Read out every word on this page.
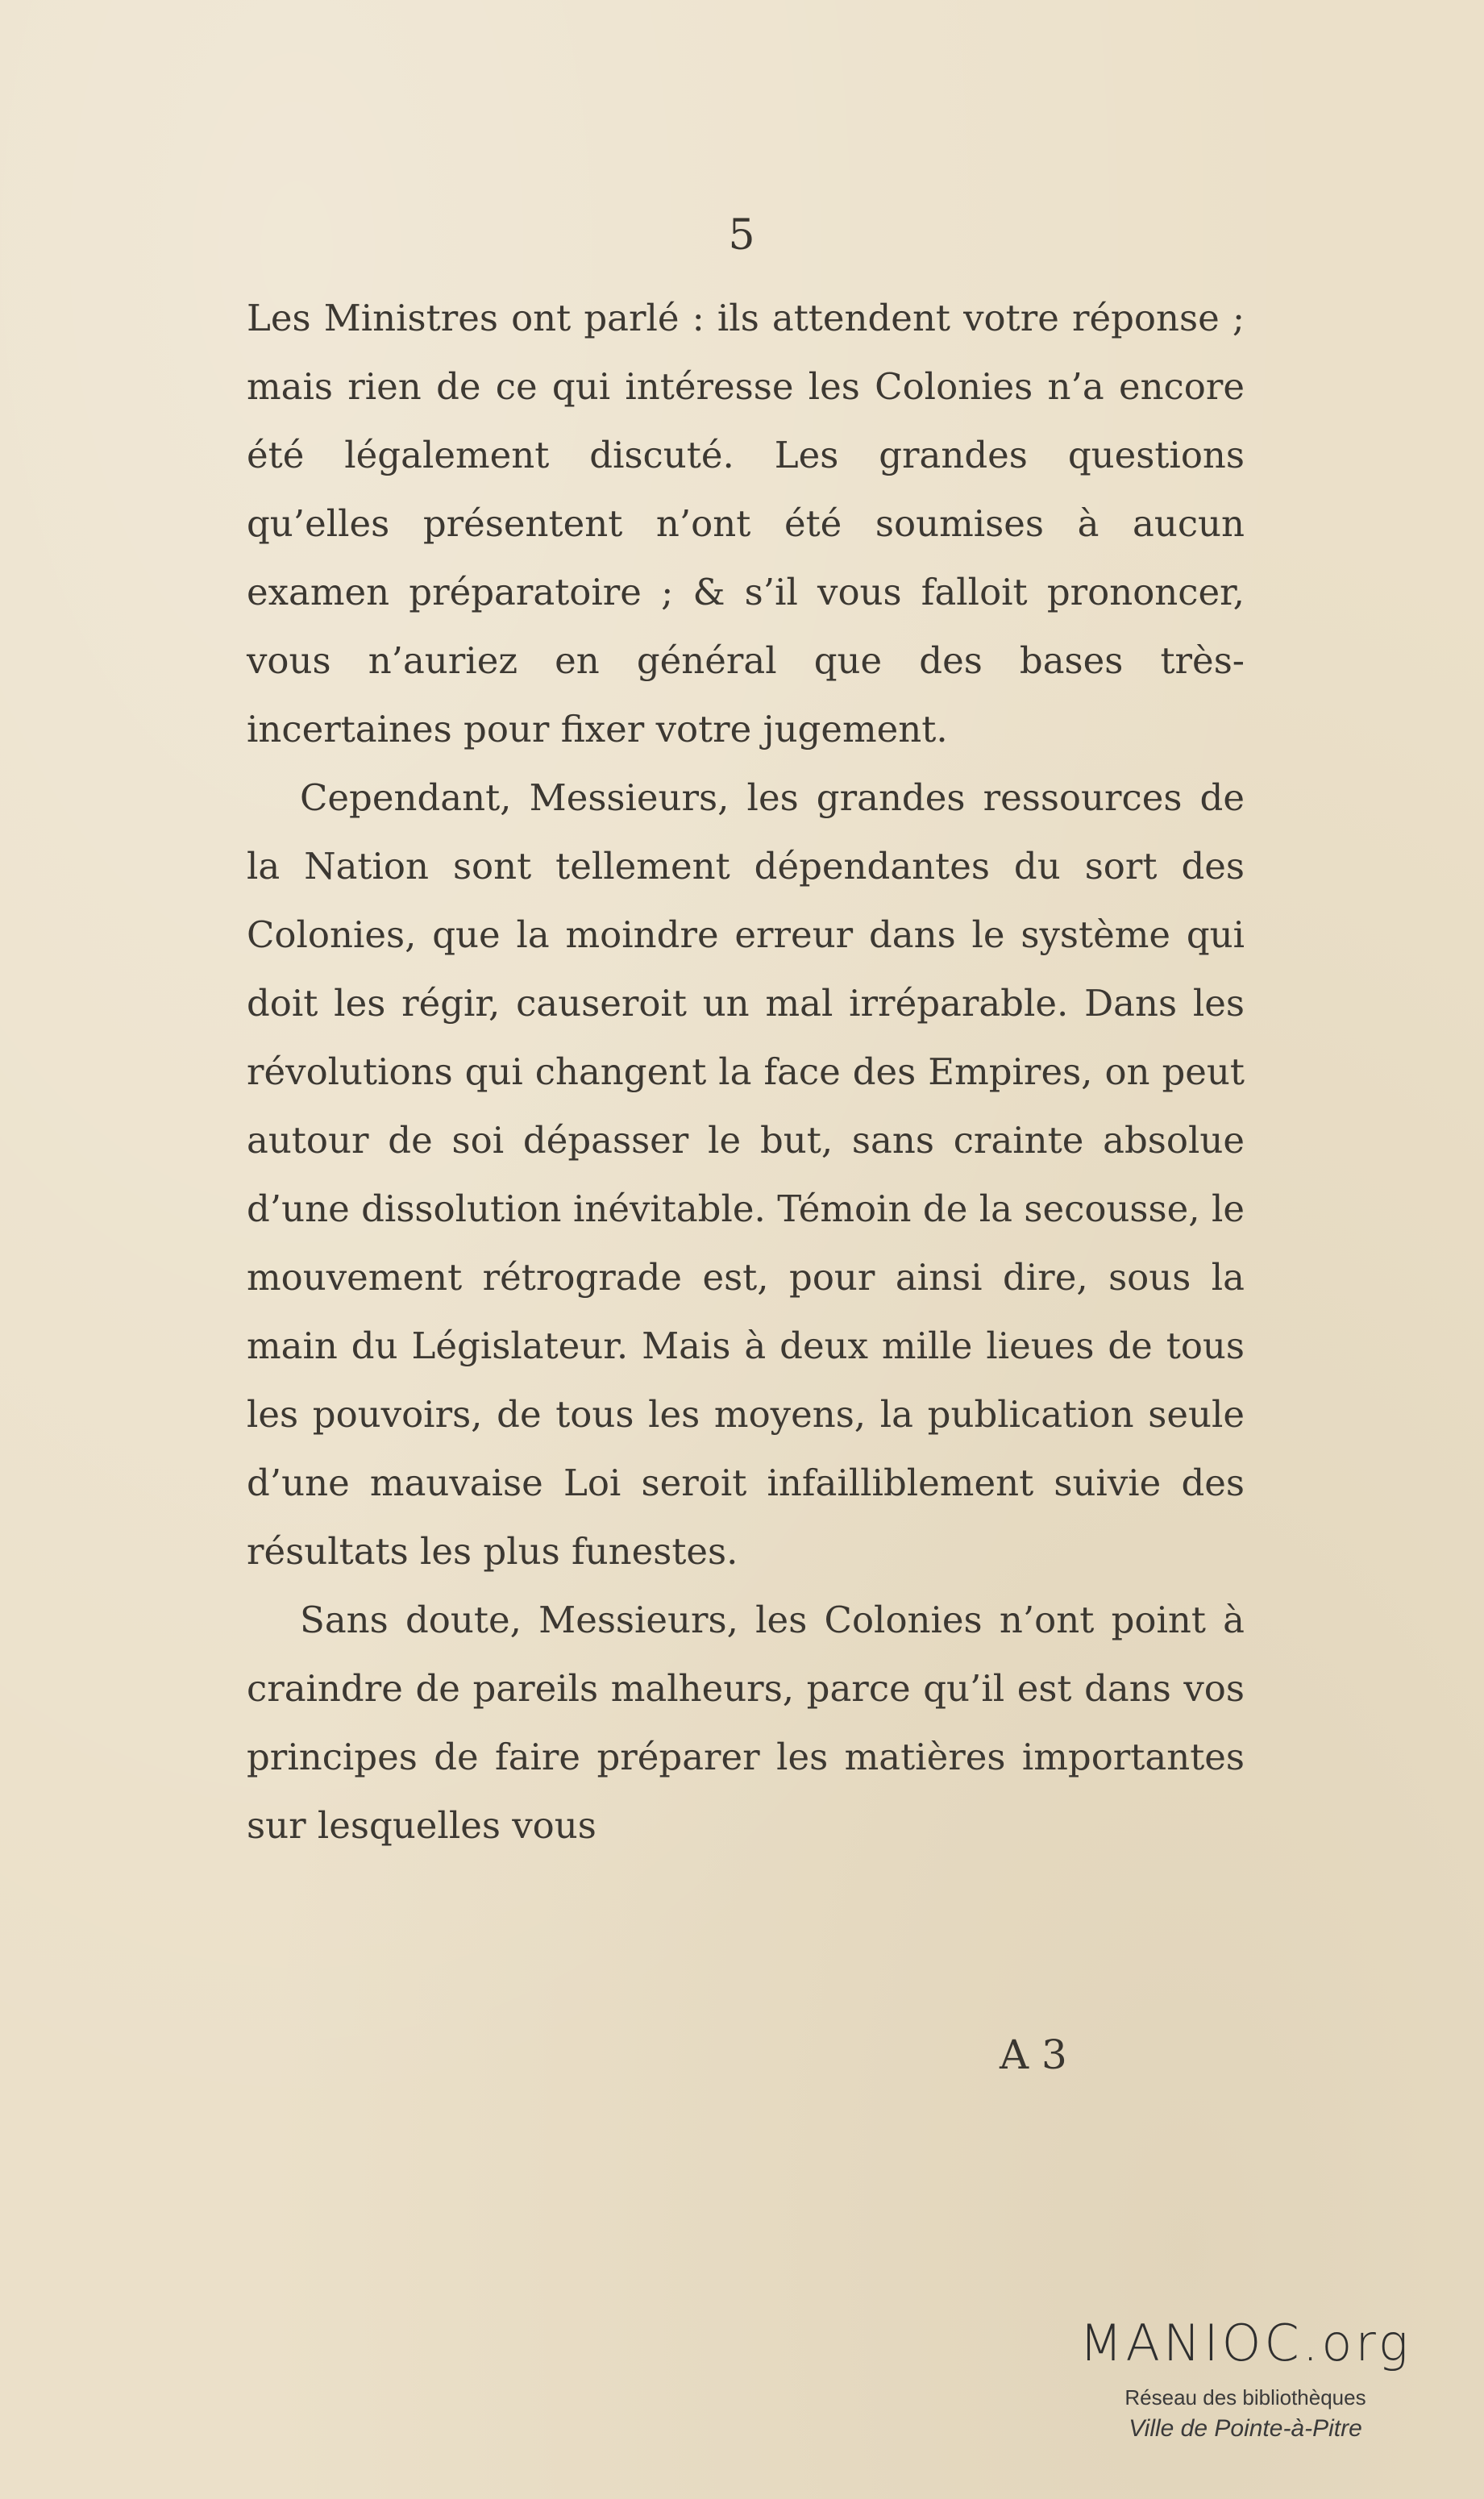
5

Les Ministres ont parlé : ils attendent votre réponse ; mais rien de ce qui intéresse les Colonies n’a encore été légalement discuté. Les grandes questions qu’elles présentent n’ont été soumises à aucun examen préparatoire ; & s’il vous falloit prononcer, vous n’auriez en général que des bases très-incertaines pour fixer votre jugement.

Cependant, Messieurs, les grandes ressources de la Nation sont tellement dépendantes du sort des Colonies, que la moindre erreur dans le système qui doit les régir, causeroit un mal irréparable. Dans les révolutions qui changent la face des Empires, on peut autour de soi dépasser le but, sans crainte absolue d’une dissolution inévitable. Témoin de la secousse, le mouvement rétrograde est, pour ainsi dire, sous la main du Législateur. Mais à deux mille lieues de tous les pouvoirs, de tous les moyens, la publication seule d’une mauvaise Loi seroit infailliblement suivie des résultats les plus funestes.

Sans doute, Messieurs, les Colonies n’ont point à craindre de pareils malheurs, parce qu’il est dans vos principes de faire préparer les matières importantes sur lesquelles vous

A 3
MANIOC.org
Réseau des bibliothèques
Ville de Pointe-à-Pitre
